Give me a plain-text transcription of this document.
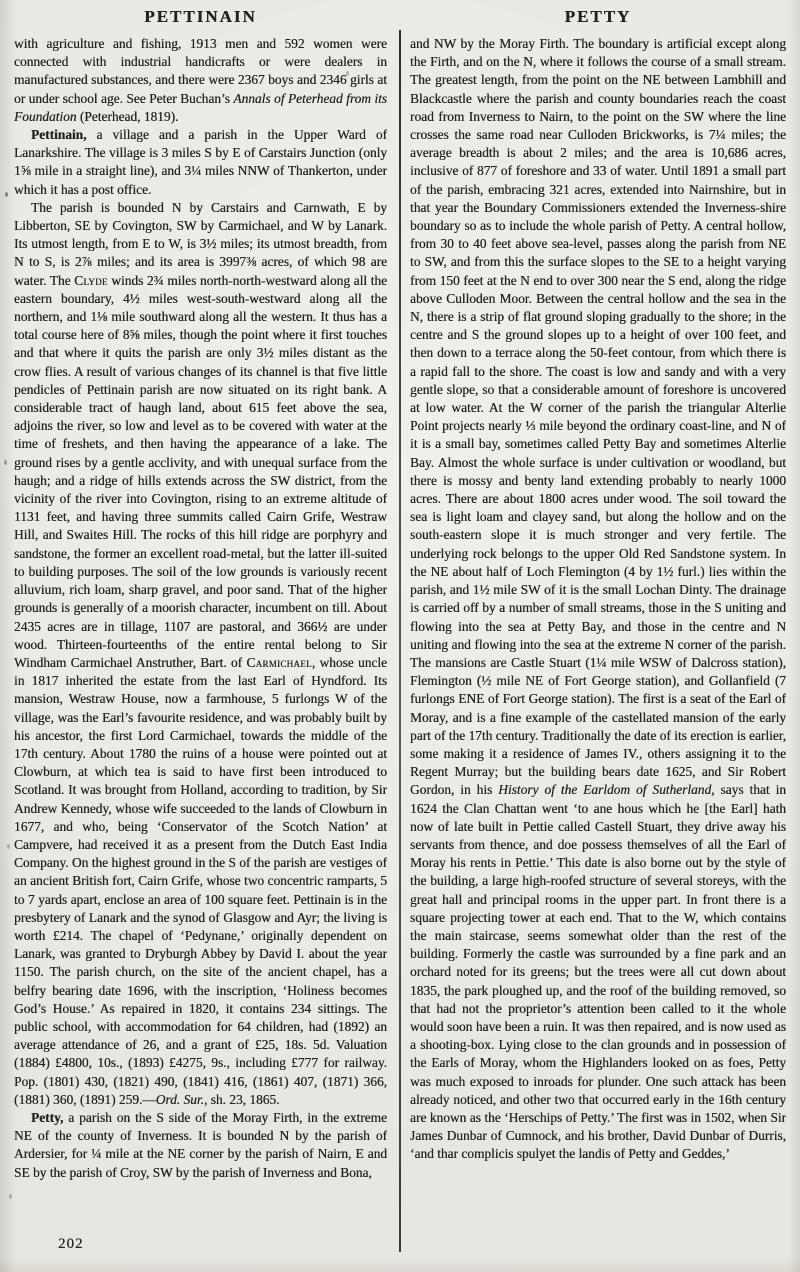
PETTINAIN	PETTY

with agriculture and fishing, 1913 men and 592 women were connected with industrial handicrafts or were dealers in manufactured substances, and there were 2367 boys and 2346 girls at or under school age. See Peter Buchan’s Annals of Peterhead from its Foundation (Peterhead, 1819).

Pettinain, a village and a parish in the Upper Ward of Lanarkshire. The village is 3 miles S by E of Carstairs Junction (only 1⅝ mile in a straight line), and 3¼ miles NNW of Thankerton, under which it has a post office.

The parish is bounded N by Carstairs and Carnwath, E by Libberton, SE by Covington, SW by Carmichael, and W by Lanark. Its utmost length, from E to W, is 3½ miles; its utmost breadth, from N to S, is 2⅞ miles; and its area is 3997⅜ acres, of which 98 are water. The Clyde winds 2¾ miles north-north-westward along all the eastern boundary, 4½ miles west-south-westward along all the northern, and 1⅛ mile southward along all the western. It thus has a total course here of 8⅝ miles, though the point where it first touches and that where it quits the parish are only 3½ miles distant as the crow flies. A result of various changes of its channel is that five little pendicles of Pettinain parish are now situated on its right bank. A considerable tract of haugh land, about 615 feet above the sea, adjoins the river, so low and level as to be covered with water at the time of freshets, and then having the appearance of a lake. The ground rises by a gentle acclivity, and with unequal surface from the haugh; and a ridge of hills extends across the SW district, from the vicinity of the river into Covington, rising to an extreme altitude of 1131 feet, and having three summits called Cairn Grife, Westraw Hill, and Swaites Hill. The rocks of this hill ridge are porphyry and sandstone, the former an excellent road-metal, but the latter ill-suited to building purposes. The soil of the low grounds is variously recent alluvium, rich loam, sharp gravel, and poor sand. That of the higher grounds is generally of a moorish character, incumbent on till. About 2435 acres are in tillage, 1107 are pastoral, and 366½ are under wood. Thirteen-fourteenths of the entire rental belong to Sir Windham Carmichael Anstruther, Bart. of Carmichael, whose uncle in 1817 inherited the estate from the last Earl of Hyndford. Its mansion, Westraw House, now a farmhouse, 5 furlongs W of the village, was the Earl’s favourite residence, and was probably built by his ancestor, the first Lord Carmichael, towards the middle of the 17th century. About 1780 the ruins of a house were pointed out at Clowburn, at which tea is said to have first been introduced to Scotland. It was brought from Holland, according to tradition, by Sir Andrew Kennedy, whose wife succeeded to the lands of Clowburn in 1677, and who, being ‘Conservator of the Scotch Nation’ at Campvere, had received it as a present from the Dutch East India Company. On the highest ground in the S of the parish are vestiges of an ancient British fort, Cairn Grife, whose two concentric ramparts, 5 to 7 yards apart, enclose an area of 100 square feet. Pettinain is in the presbytery of Lanark and the synod of Glasgow and Ayr; the living is worth £214. The chapel of ‘Pedynane,’ originally dependent on Lanark, was granted to Dryburgh Abbey by David I. about the year 1150. The parish church, on the site of the ancient chapel, has a belfry bearing date 1696, with the inscription, ‘Holiness becomes God’s House.’ As repaired in 1820, it contains 234 sittings. The public school, with accommodation for 64 children, had (1892) an average attendance of 26, and a grant of £25, 18s. 5d. Valuation (1884) £4800, 10s., (1893) £4275, 9s., including £777 for railway. Pop. (1801) 430, (1821) 490, (1841) 416, (1861) 407, (1871) 366, (1881) 360, (1891) 259.—Ord. Sur., sh. 23, 1865.

Petty, a parish on the S side of the Moray Firth, in the extreme NE of the county of Inverness. It is bounded N by the parish of Ardersier, for ¼ mile at the NE corner by the parish of Nairn, E and SE by the parish of Croy, SW by the parish of Inverness and Bona,

and NW by the Moray Firth. The boundary is artificial except along the Firth, and on the N, where it follows the course of a small stream. The greatest length, from the point on the NE between Lambhill and Blackcastle where the parish and county boundaries reach the coast road from Inverness to Nairn, to the point on the SW where the line crosses the same road near Culloden Brickworks, is 7¼ miles; the average breadth is about 2 miles; and the area is 10,686 acres, inclusive of 877 of foreshore and 33 of water. Until 1891 a small part of the parish, embracing 321 acres, extended into Nairnshire, but in that year the Boundary Commissioners extended the Inverness-shire boundary so as to include the whole parish of Petty. A central hollow, from 30 to 40 feet above sea-level, passes along the parish from NE to SW, and from this the surface slopes to the SE to a height varying from 150 feet at the N end to over 300 near the S end, along the ridge above Culloden Moor. Between the central hollow and the sea in the N, there is a strip of flat ground sloping gradually to the shore; in the centre and S the ground slopes up to a height of over 100 feet, and then down to a terrace along the 50-feet contour, from which there is a rapid fall to the shore. The coast is low and sandy and with a very gentle slope, so that a considerable amount of foreshore is uncovered at low water. At the W corner of the parish the triangular Alterlie Point projects nearly ⅓ mile beyond the ordinary coast-line, and N of it is a small bay, sometimes called Petty Bay and sometimes Alterlie Bay. Almost the whole surface is under cultivation or woodland, but there is mossy and benty land extending probably to nearly 1000 acres. There are about 1800 acres under wood. The soil toward the sea is light loam and clayey sand, but along the hollow and on the south-eastern slope it is much stronger and very fertile. The underlying rock belongs to the upper Old Red Sandstone system. In the NE about half of Loch Flemington (4 by 1½ furl.) lies within the parish, and 1½ mile SW of it is the small Lochan Dinty. The drainage is carried off by a number of small streams, those in the S uniting and flowing into the sea at Petty Bay, and those in the centre and N uniting and flowing into the sea at the extreme N corner of the parish. The mansions are Castle Stuart (1¼ mile WSW of Dalcross station), Flemington (½ mile NE of Fort George station), and Gollanfield (7 furlongs ENE of Fort George station). The first is a seat of the Earl of Moray, and is a fine example of the castellated mansion of the early part of the 17th century. Traditionally the date of its erection is earlier, some making it a residence of James IV., others assigning it to the Regent Murray; but the building bears date 1625, and Sir Robert Gordon, in his History of the Earldom of Sutherland, says that in 1624 the Clan Chattan went ‘to ane hous which he [the Earl] hath now of late built in Pettie called Castell Stuart, they drive away his servants from thence, and doe possess themselves of all the Earl of Moray his rents in Pettie.’ This date is also borne out by the style of the building, a large high-roofed structure of several storeys, with the great hall and principal rooms in the upper part. In front there is a square projecting tower at each end. That to the W, which contains the main staircase, seems somewhat older than the rest of the building. Formerly the castle was surrounded by a fine park and an orchard noted for its greens; but the trees were all cut down about 1835, the park ploughed up, and the roof of the building removed, so that had not the proprietor’s attention been called to it the whole would soon have been a ruin. It was then repaired, and is now used as a shooting-box. Lying close to the clan grounds and in possession of the Earls of Moray, whom the Highlanders looked on as foes, Petty was much exposed to inroads for plunder. One such attack has been already noticed, and other two that occurred early in the 16th century are known as the ‘Herschips of Petty.’ The first was in 1502, when Sir James Dunbar of Cumnock, and his brother, David Dunbar of Durris, ‘and thar complicis spulyet the landis of Petty and Geddes,’

202
